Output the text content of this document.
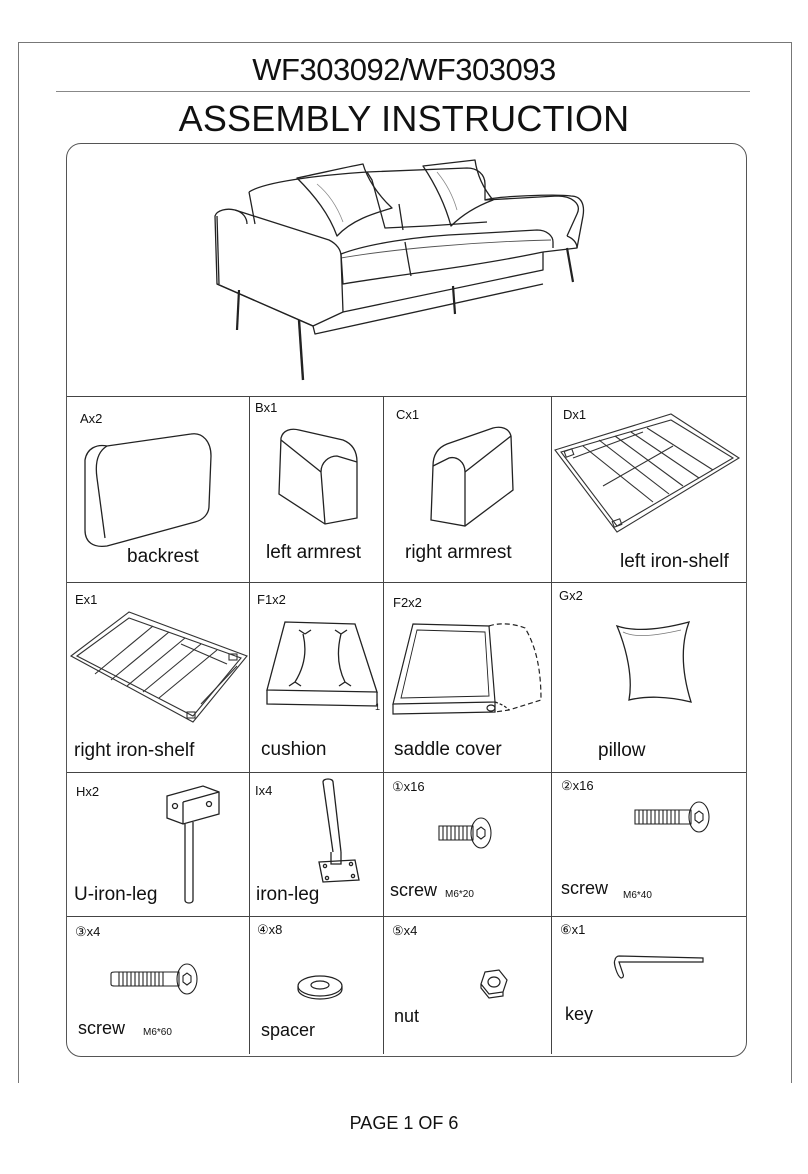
WF303092/WF303093
ASSEMBLY INSTRUCTION
Ax2
backrest
Bx1
left armrest
Cx1
right armrest
Dx1
left iron-shelf
Ex1
right iron-shelf
F1x2
1
cushion
F2x2
saddle cover
Gx2
pillow
Hx2
U-iron-leg
Ix4
iron-leg
①x16
screw M6*20
②x16
screw M6*40
③x4
screw M6*60
④x8
spacer
⑤x4
nut
⑥x1
key
PAGE 1 OF 6
